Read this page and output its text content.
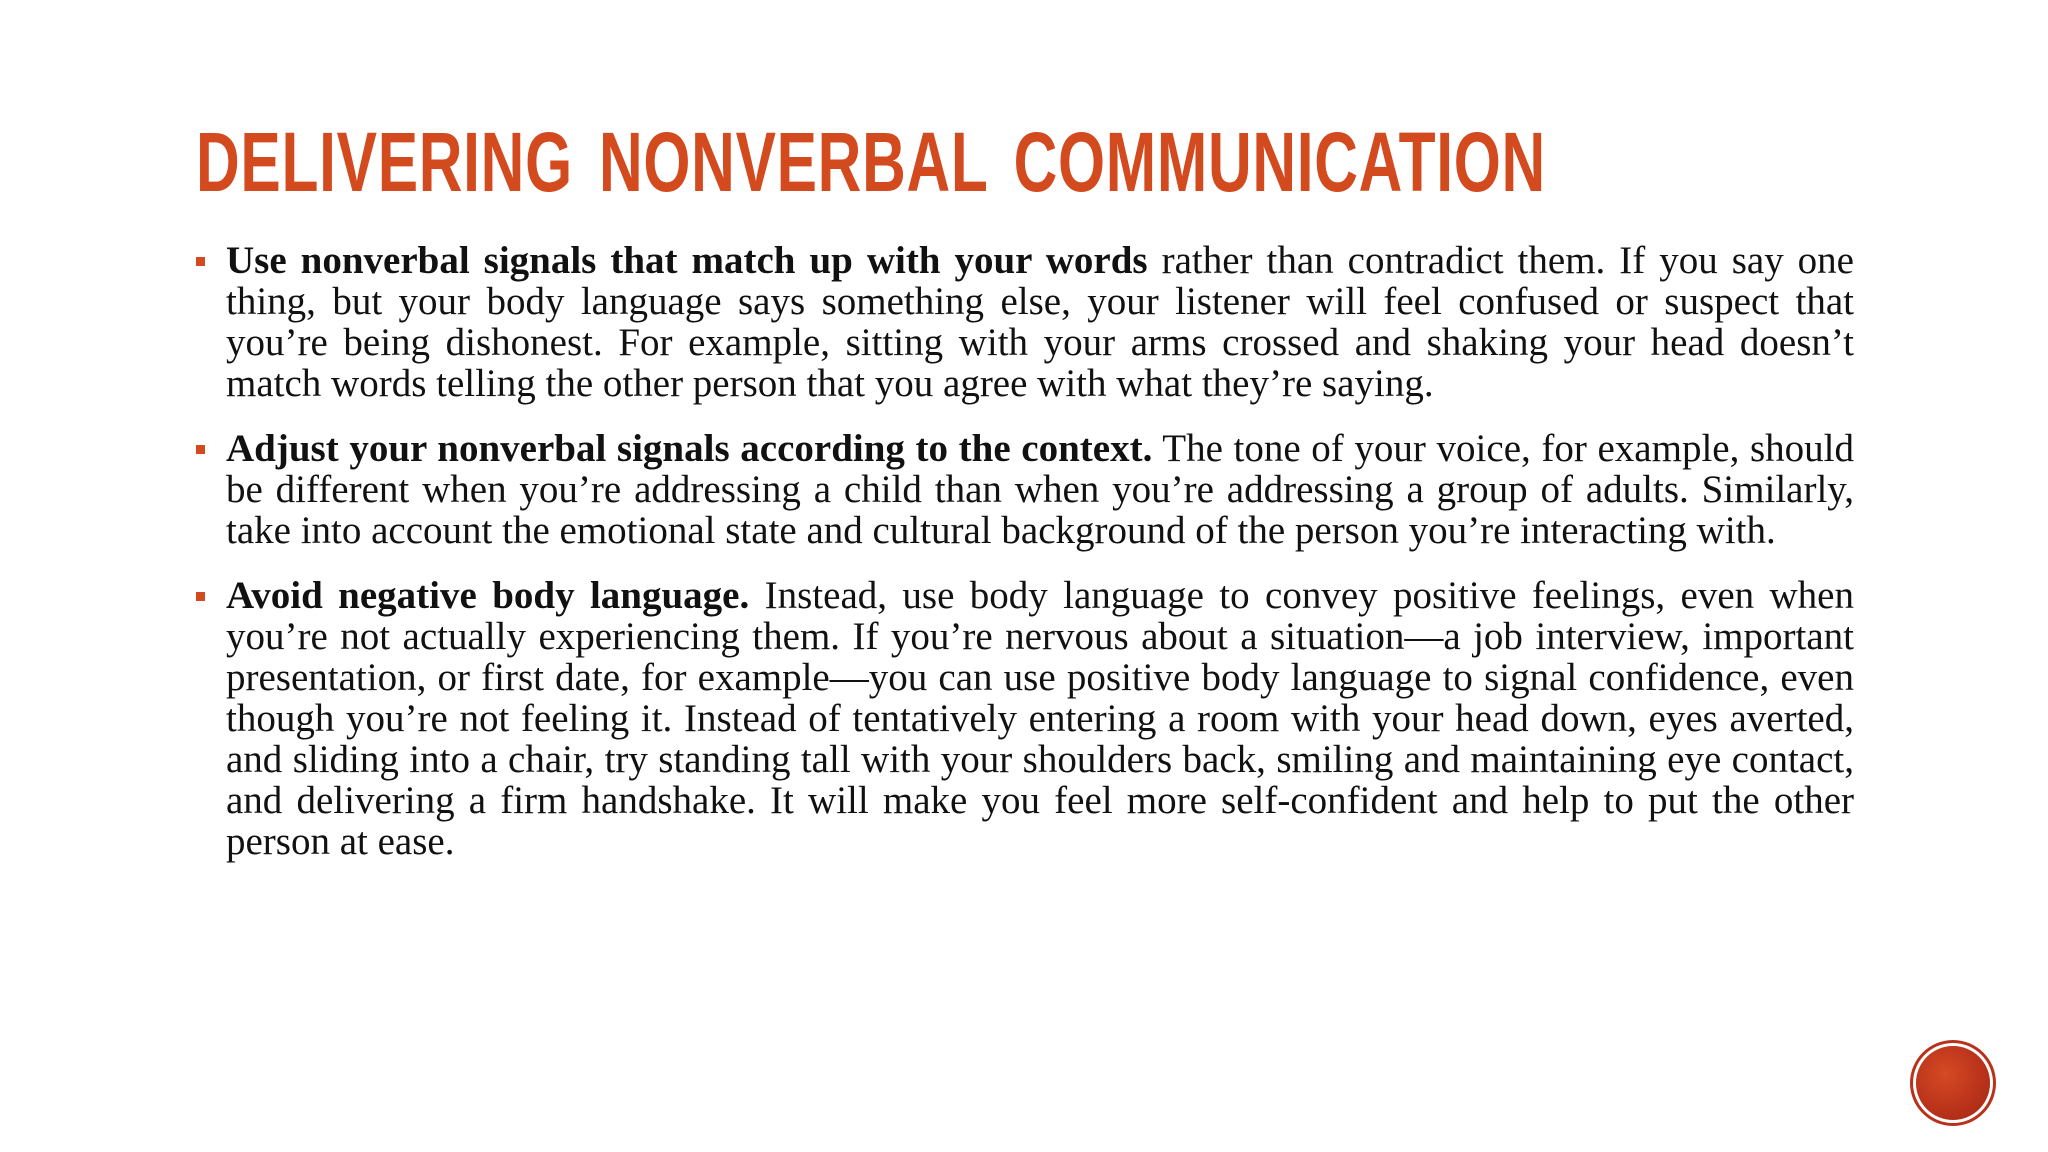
DELIVERING NONVERBAL COMMUNICATION
Use nonverbal signals that match up with your words rather than contradict them. If you say one thing, but your body language says something else, your listener will feel confused or suspect that you’re being dishonest. For example, sitting with your arms crossed and shaking your head doesn’t match words telling the other person that you agree with what they’re saying.
Adjust your nonverbal signals according to the context. The tone of your voice, for example, should be different when you’re addressing a child than when you’re addressing a group of adults. Similarly, take into account the emotional state and cultural background of the person you’re interacting with.
Avoid negative body language. Instead, use body language to convey positive feelings, even when you’re not actually experiencing them. If you’re nervous about a situation—a job interview, important presentation, or first date, for example—you can use positive body language to signal confidence, even though you’re not feeling it. Instead of tentatively entering a room with your head down, eyes averted, and sliding into a chair, try standing tall with your shoulders back, smiling and maintaining eye contact, and delivering a firm handshake. It will make you feel more self-confident and help to put the other person at ease.
